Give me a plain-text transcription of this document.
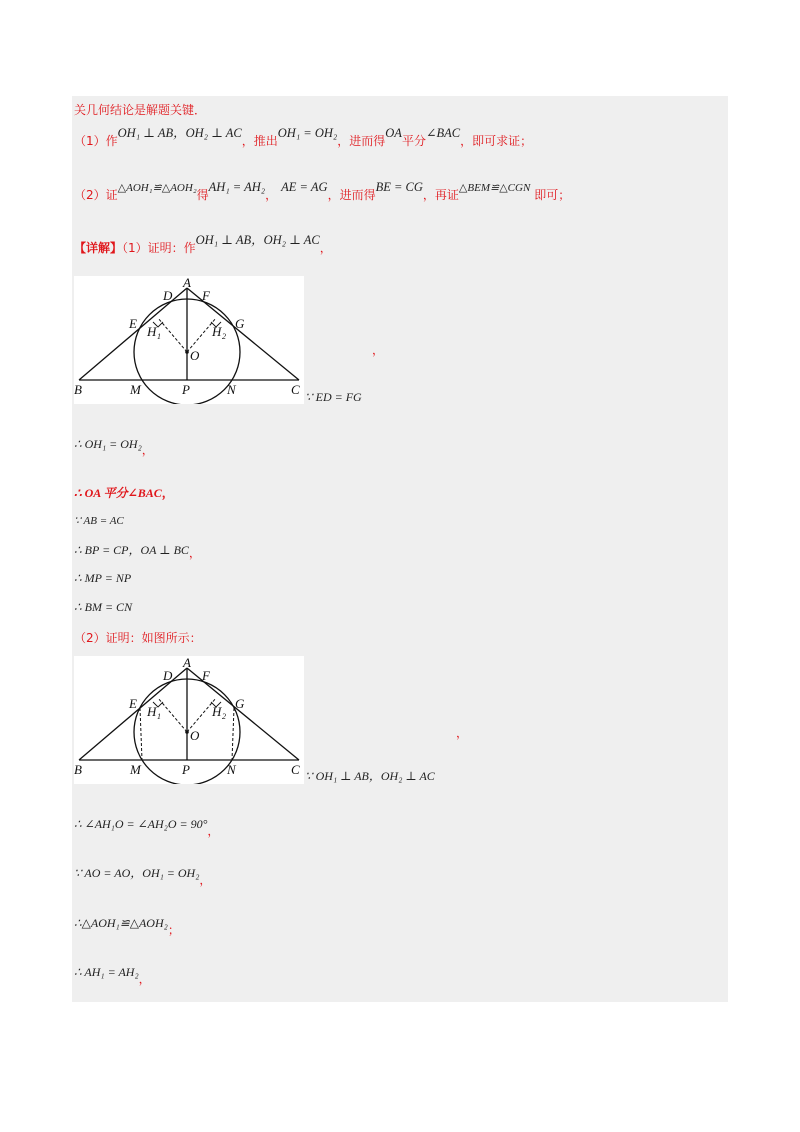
关几何结论是解题关键．
（1）作OH₁ ⊥ AB，OH₂ ⊥ AC，推出OH₁ = OH₂，进而得OA平分∠BAC，即可求证；
（2）证△AOH₁≌△AOH₂得AH₁ = AH₂，AE = AG，进而得BE = CG，再证△BEM≌△CGN 即可；
【详解】（1）证明：作OH₁ ⊥ AB，OH₂ ⊥ AC，
A
D F
E	G
H 1	H 2
O
B	M	P	N	C
，
∵ ED = FG
∴ OH₁ = OH₂，
∴ OA 平分∠BAC，
∵ AB = AC
∴ BP = CP，OA ⊥ BC，
∴ MP = NP
∴ BM = CN
（2）证明：如图所示：
A
D F
E	G
H 1	H 2
O
B	M	P	N	C
，
∵ OH₁ ⊥ AB，OH₂ ⊥ AC
∴ ∠AH₁O = ∠AH₂O = 90°，
∵ AO = AO，OH₁ = OH₂，
∴△AOH₁≌△AOH₂；
∴ AH₁ = AH₂，
